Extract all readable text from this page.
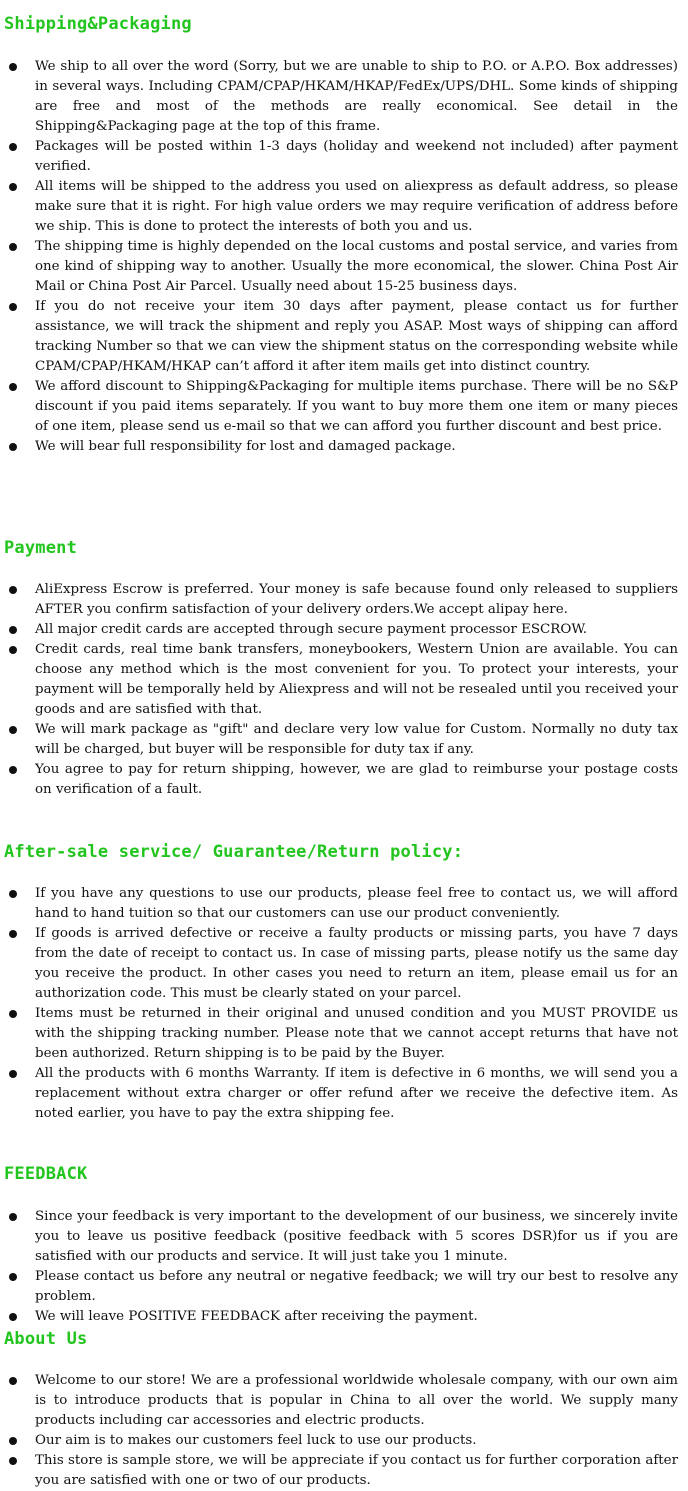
Shipping&Packaging
We ship to all over the word (Sorry, but we are unable to ship to P.O. or A.P.O. Box addresses) in several ways. Including CPAM/CPAP/HKAM/HKAP/FedEx/UPS/DHL. Some kinds of shipping are free and most of the methods are really economical. See detail in the Shipping&Packaging page at the top of this frame.
Packages will be posted within 1-3 days (holiday and weekend not included) after payment verified.
All items will be shipped to the address you used on aliexpress as default address, so please make sure that it is right. For high value orders we may require verification of address before we ship. This is done to protect the interests of both you and us.
The shipping time is highly depended on the local customs and postal service, and varies from one kind of shipping way to another. Usually the more economical, the slower. China Post Air Mail or China Post Air Parcel. Usually need about 15-25 business days.
If you do not receive your item 30 days after payment, please contact us for further assistance, we will track the shipment and reply you ASAP. Most ways of shipping can afford tracking Number so that we can view the shipment status on the corresponding website while CPAM/CPAP/HKAM/HKAP can’t afford it after item mails get into distinct country.
We afford discount to Shipping&Packaging for multiple items purchase. There will be no S&P discount if you paid items separately. If you want to buy more them one item or many pieces of one item, please send us e-mail so that we can afford you further discount and best price.
We will bear full responsibility for lost and damaged package.
Payment
AliExpress Escrow is preferred. Your money is safe because found only released to suppliers AFTER you confirm satisfaction of your delivery orders.We accept alipay here.
All major credit cards are accepted through secure payment processor ESCROW.
Credit cards, real time bank transfers, moneybookers, Western Union are available. You can choose any method which is the most convenient for you. To protect your interests, your payment will be temporally held by Aliexpress and will not be resealed until you received your goods and are satisfied with that.
We will mark package as "gift" and declare very low value for Custom. Normally no duty tax will be charged, but buyer will be responsible for duty tax if any.
You agree to pay for return shipping, however, we are glad to reimburse your postage costs on verification of a fault.
After-sale service/ Guarantee/Return policy:
If you have any questions to use our products, please feel free to contact us, we will afford hand to hand tuition so that our customers can use our product conveniently.
If goods is arrived defective or receive a faulty products or missing parts, you have 7 days from the date of receipt to contact us. In case of missing parts, please notify us the same day you receive the product. In other cases you need to return an item, please email us for an authorization code. This must be clearly stated on your parcel.
Items must be returned in their original and unused condition and you MUST PROVIDE us with the shipping tracking number. Please note that we cannot accept returns that have not been authorized. Return shipping is to be paid by the Buyer.
All the products with 6 months Warranty. If item is defective in 6 months, we will send you a replacement without extra charger or offer refund after we receive the defective item. As noted earlier, you have to pay the extra shipping fee.
FEEDBACK
Since your feedback is very important to the development of our business, we sincerely invite you to leave us positive feedback (positive feedback with 5 scores DSR)for us if you are satisfied with our products and service. It will just take you 1 minute.
Please contact us before any neutral or negative feedback; we will try our best to resolve any problem.
We will leave POSITIVE FEEDBACK after receiving the payment.
About Us
Welcome to our store! We are a professional worldwide wholesale company, with our own aim is to introduce products that is popular in China to all over the world. We supply many products including car accessories and electric products.
Our aim is to makes our customers feel luck to use our products.
This store is sample store, we will be appreciate if you contact us for further corporation after you are satisfied with one or two of our products.
